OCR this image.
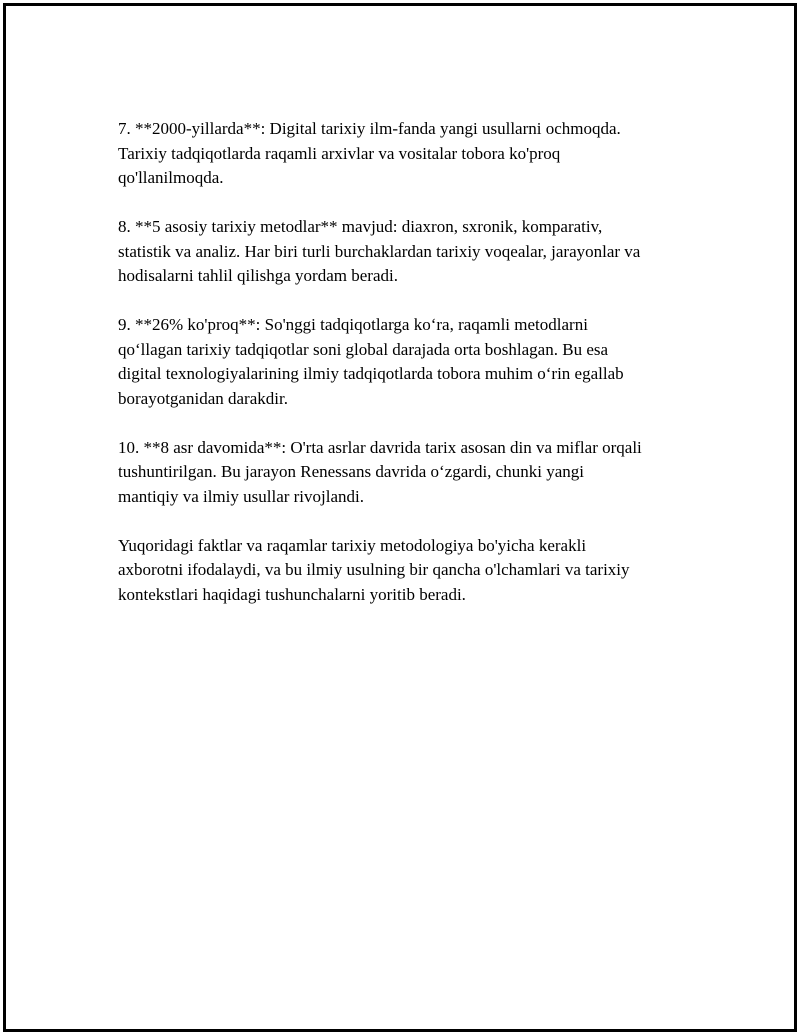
7. **2000-yillarda**: Digital tarixiy ilm-fanda yangi usullarni ochmoqda.
Tarixiy tadqiqotlarda raqamli arxivlar va vositalar tobora ko'proq
qo'llanilmoqda.

8. **5 asosiy tarixiy metodlar** mavjud: diaxron, sxronik, komparativ,
statistik va analiz. Har biri turli burchaklardan tarixiy voqealar, jarayonlar va
hodisalarni tahlil qilishga yordam beradi.

9. **26% ko'proq**: So'nggi tadqiqotlarga ko‘ra, raqamli metodlarni
qo‘llagan tarixiy tadqiqotlar soni global darajada orta boshlagan. Bu esa
digital texnologiyalarining ilmiy tadqiqotlarda tobora muhim o‘rin egallab
borayotganidan darakdir.

10. **8 asr davomida**: O'rta asrlar davrida tarix asosan din va miflar orqali
tushuntirilgan. Bu jarayon Renessans davrida o‘zgardi, chunki yangi
mantiqiy va ilmiy usullar rivojlandi.

Yuqoridagi faktlar va raqamlar tarixiy metodologiya bo'yicha kerakli
axborotni ifodalaydi, va bu ilmiy usulning bir qancha o'lchamlari va tarixiy
kontekstlari haqidagi tushunchalarni yoritib beradi.
